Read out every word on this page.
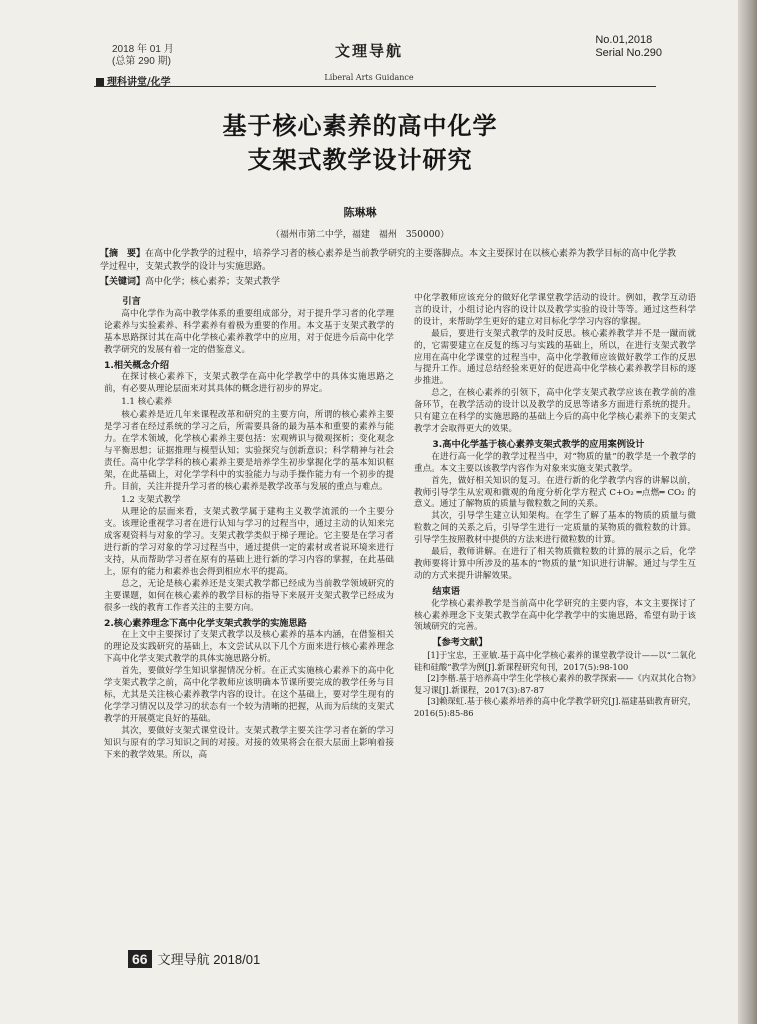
2018 年 01 月
(总第 290 期)
文理导航
No.01,2018
Serial No.290
理科讲堂/化学	Liberal Arts Guidance
基于核心素养的高中化学
支架式教学设计研究
陈琳琳
（福州市第二中学，福建　福州　350000）
【摘　要】在高中化学教学的过程中，培养学习者的核心素养是当前教学研究的主要落脚点。本文主要探讨在以核心素养为教学目标的高中化学教学过程中，支架式教学的设计与实施思路。
【关键词】高中化学；核心素养；支架式教学
引言

高中化学作为高中教学体系的重要组成部分，对于提升学习者的化学理论素养与实验素养、科学素养有着极为重要的作用。本文基于支架式教学的基本思路探讨其在高中化学核心素养教学中的应用，对于促进今后高中化学教学研究的发展有着一定的借鉴意义。

1.相关概念介绍

在探讨核心素养下，支架式教学在高中化学教学中的具体实施思路之前，有必要从理论层面来对其具体的概念进行初步的界定。

1.1 核心素养

核心素养是近几年来课程改革和研究的主要方向，所谓的核心素养主要是学习者在经过系统的学习之后，所需要具备的最为基本和重要的素养与能力。在学术领域，化学核心素养主要包括：宏观辨识与微观探析；变化观念与平衡思想；证据推理与模型认知；实验探究与创新意识；科学精神与社会责任。高中化学学科的核心素养主要是培养学生初步掌握化学的基本知识框架，在此基础上，对化学学科中的实验能力与动手操作能力有一个初步的提升。目前，关注并提升学习者的核心素养是教学改革与发展的重点与难点。

1.2 支架式教学

从理论的层面来看，支架式教学属于建构主义教学流派的一个主要分支。该理论重视学习者在进行认知与学习的过程当中，通过主动的认知来完成客观资料与对象的学习。支架式教学类似于梯子理论。它主要是在学习者进行新的学习对象的学习过程当中，通过提供一定的素材或者说环境来进行支持，从而帮助学习者在原有的基础上进行新的学习内容的掌握，在此基础上，原有的能力和素养也会得到相应水平的提高。

总之，无论是核心素养还是支架式教学都已经成为当前教学领域研究的主要课题，如何在核心素养的教学目标的指导下来展开支架式教学已经成为很多一线的教育工作者关注的主要方向。

2.核心素养理念下高中化学支架式教学的实施思路

在上文中主要探讨了支架式教学以及核心素养的基本内涵，在借鉴相关的理论及实践研究的基础上，本文尝试从以下几个方面来进行核心素养理念下高中化学支架式教学的具体实施思路分析。

首先，要做好学生知识掌握情况分析。在正式实施核心素养下的高中化学支架式教学之前，高中化学教师应该明确本节课所要完成的教学任务与目标，尤其是关注核心素养教学内容的设计。在这个基础上，要对学生现有的化学学习情况以及学习的状态有一个较为清晰的把握，从而为后续的支架式教学的开展奠定良好的基础。

其次，要做好支架式课堂设计。支架式教学主要关注学习者在新的学习知识与原有的学习知识之间的对接。对接的效果将会在很大层面上影响着接下来的教学效果。所以，高

中化学教师应该充分的做好化学课堂教学活动的设计。例如，教学互动语言的设计，小组讨论内容的设计以及教学实验的设计等等。通过这些科学的设计，来帮助学生更好的建立对目标化学学习内容的掌握。

最后，要进行支架式教学的及时反思。核心素养教学并不是一蹴而就的，它需要建立在反复的练习与实践的基础上，所以，在进行支架式教学应用在高中化学课堂的过程当中，高中化学教师应该做好教学工作的反思与提升工作。通过总结经验来更好的促进高中化学核心素养教学目标的逐步推进。

总之，在核心素养的引领下，高中化学支架式教学应该在教学前的准备环节，在教学活动的设计以及教学的反思等诸多方面进行系统的提升。只有建立在科学的实施思路的基础上今后的高中化学核心素养下的支架式教学才会取得更大的效果。

3.高中化学基于核心素养支架式教学的应用案例设计

在进行高一化学的教学过程当中，对“物质的量”的教学是一个教学的重点。本文主要以该教学内容作为对象来实施支架式教学。

首先，做好相关知识的复习。在进行新的化学教学内容的讲解以前，教师引导学生从宏观和微观的角度分析化学方程式 C+O₂ ═点燃═ CO₂ 的意义。通过了解物质的质量与微粒数之间的关系。

其次，引导学生建立认知架构。在学生了解了基本的物质的质量与微粒数之间的关系之后，引导学生进行一定质量的某物质的微粒数的计算。引导学生按照教材中提供的方法来进行微粒数的计算。

最后，教师讲解。在进行了相关物质微粒数的计算的展示之后，化学教师要将计算中所涉及的基本的“物质的量”知识进行讲解。通过与学生互动的方式来提升讲解效果。

结束语

化学核心素养教学是当前高中化学研究的主要内容，本文主要探讨了核心素养理念下支架式教学在高中化学教学中的实施思路，希望有助于该领域研究的完善。

【参考文献】

[1]于宝忠，王亚敏.基于高中化学核心素养的课堂教学设计——以“二氧化硅和硅酸”教学为例[J].新课程研究旬刊，2017(5):98-100

[2]李楷.基于培养高中学生化学核心素养的教学探索——《内双其化合物》复习课[J].新课程，2017(3):87-87

[3]赖琛虹.基于核心素养培养的高中化学教学研究[J].福建基础教育研究，2016(5):85-86

66 文理导航 2018/01
